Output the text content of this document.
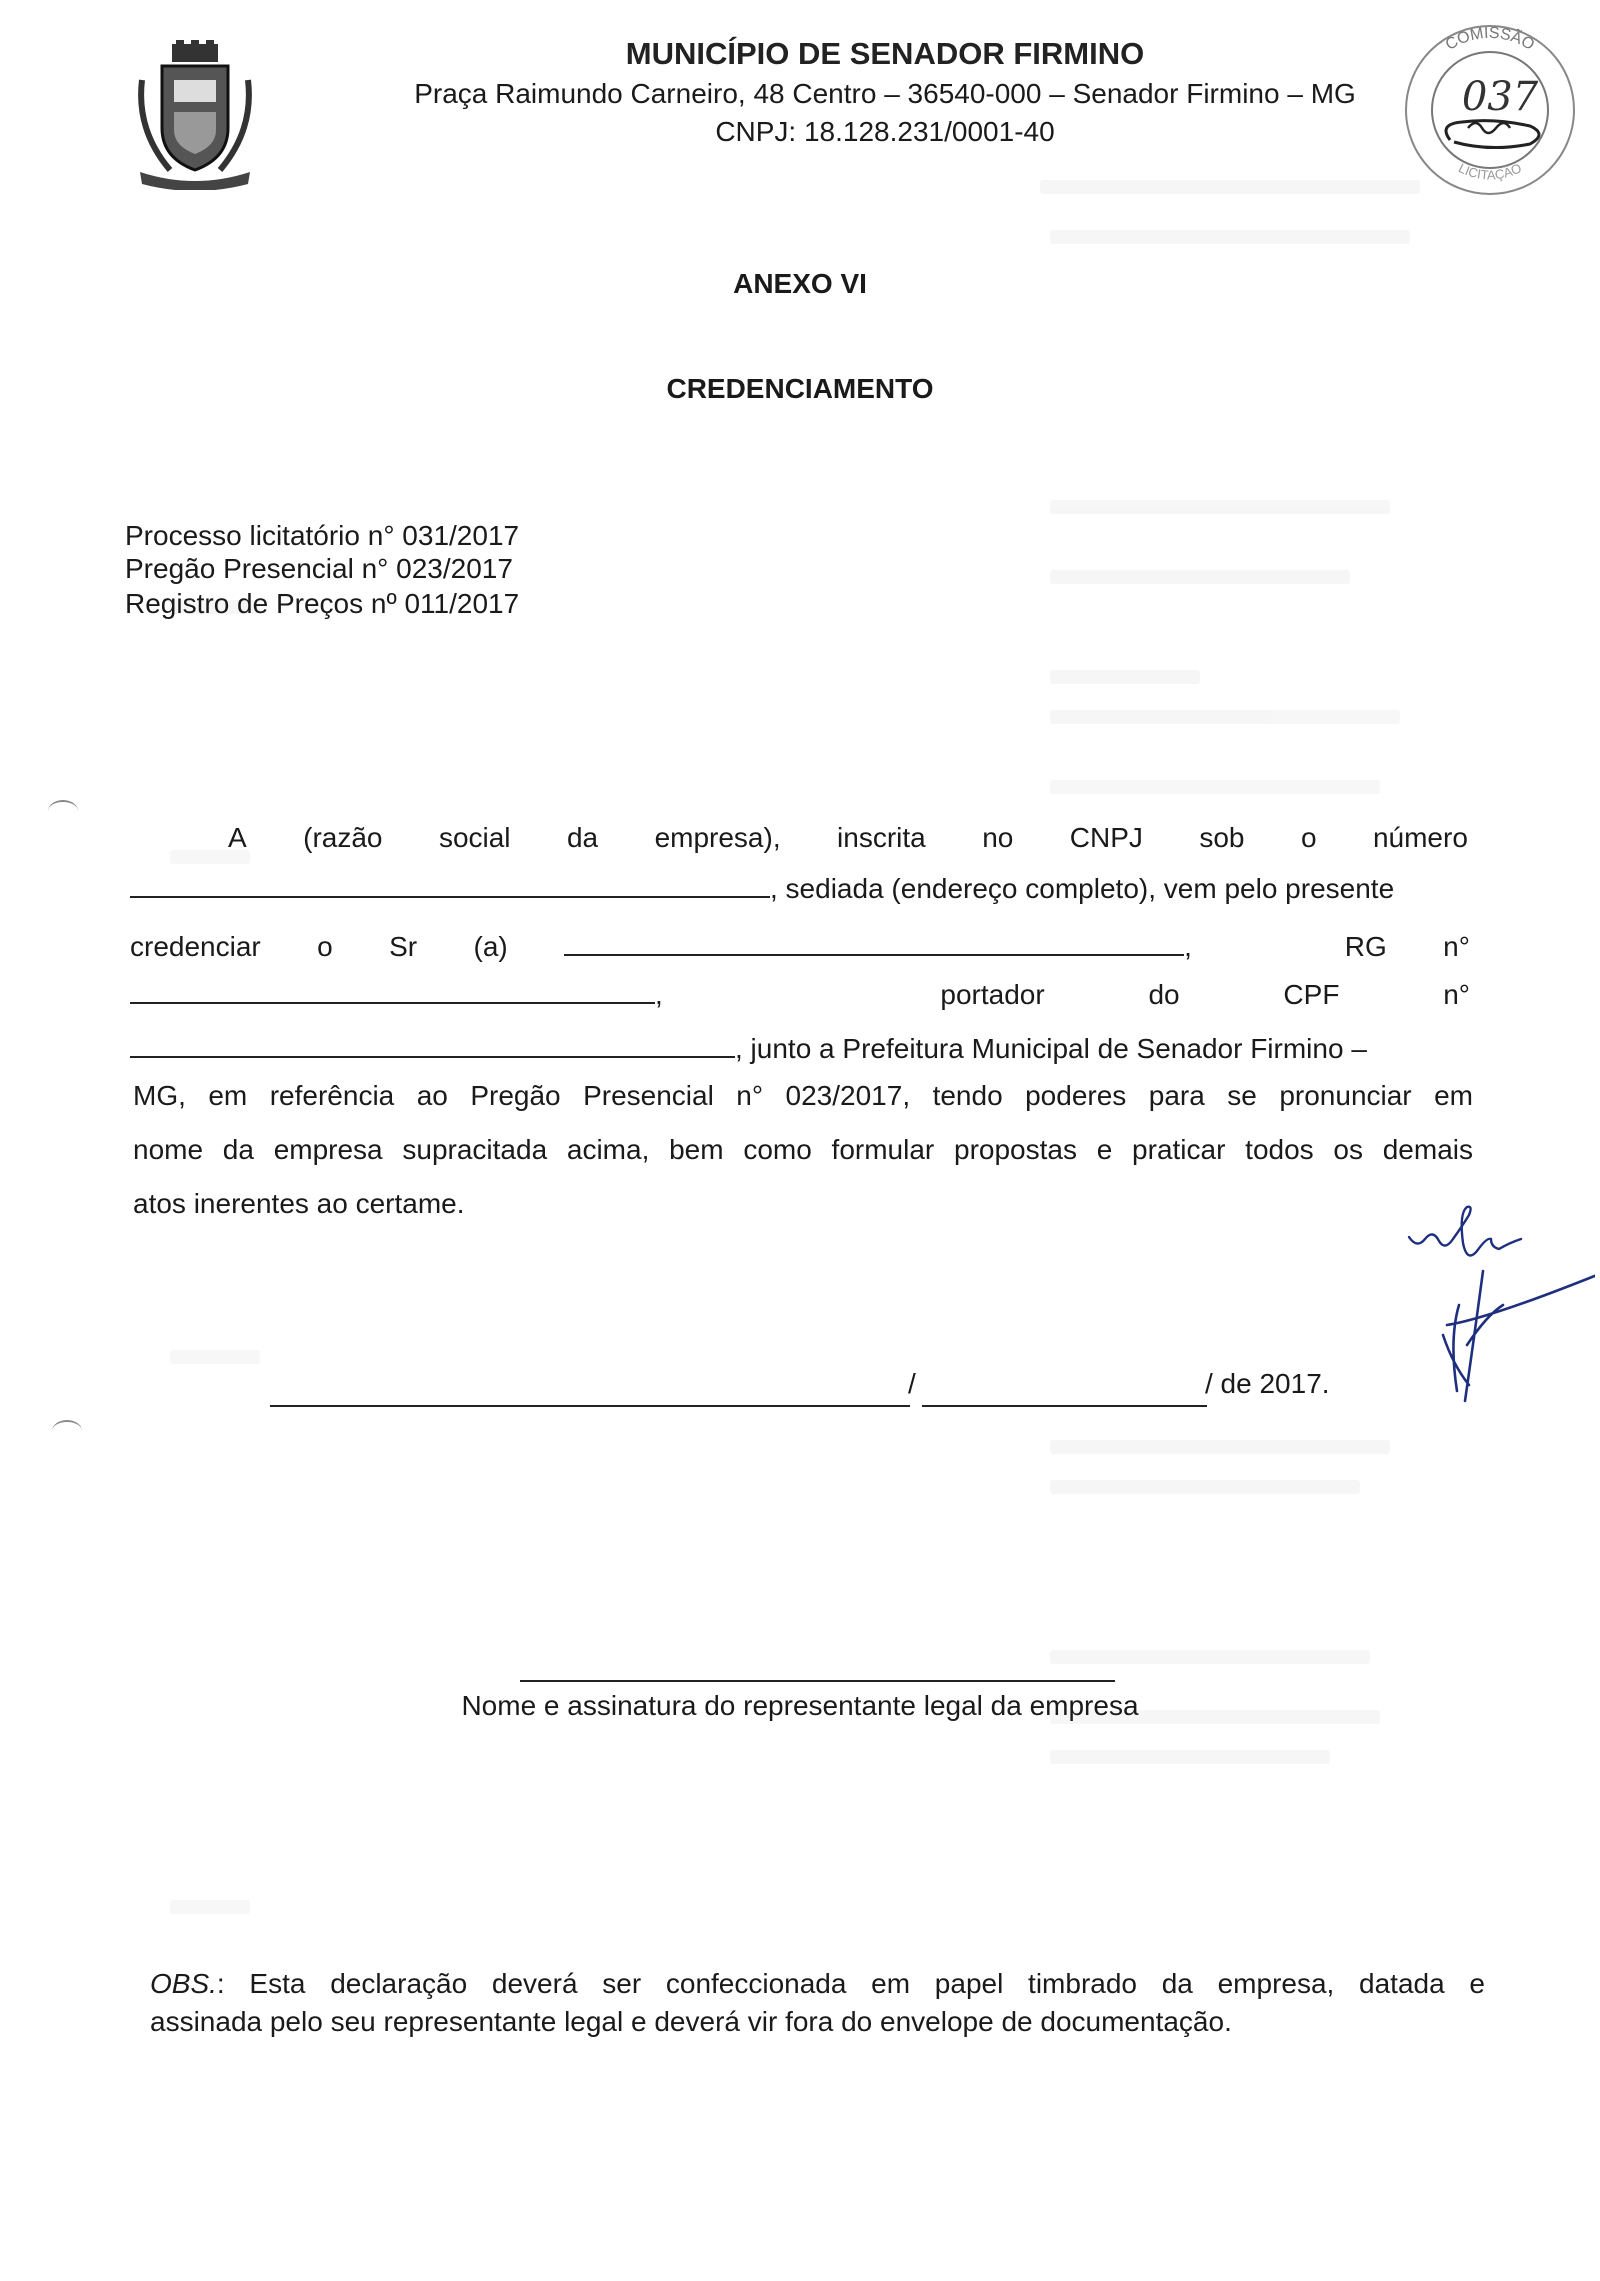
MUNICÍPIO DE SENADOR FIRMINO
Praça Raimundo Carneiro, 48 Centro – 36540-000 – Senador Firmino – MG
CNPJ: 18.128.231/0001-40
COMISSÃO
LICITAÇÃO
037
ANEXO VI
CREDENCIAMENTO
Processo licitatório n° 031/2017
Pregão Presencial n° 023/2017
Registro de Preços nº 011/2017
A (razão social da empresa), inscrita no CNPJ sob o número
, sediada (endereço completo), vem pelo presente
credenciar o Sr (a)	,	RG n°
,	portador	do	CPF	n°
, junto a Prefeitura Municipal de Senador Firmino –
MG, em referência ao Pregão Presencial n° 023/2017, tendo poderes para se pronunciar em
nome da empresa supracitada acima, bem como formular propostas e praticar todos os demais
atos inerentes ao certame.
/	/ de 2017.
Nome e assinatura do representante legal da empresa
OBS.: Esta declaração deverá ser confeccionada em papel timbrado da empresa, datada e
assinada pelo seu representante legal e deverá vir fora do envelope de documentação.
